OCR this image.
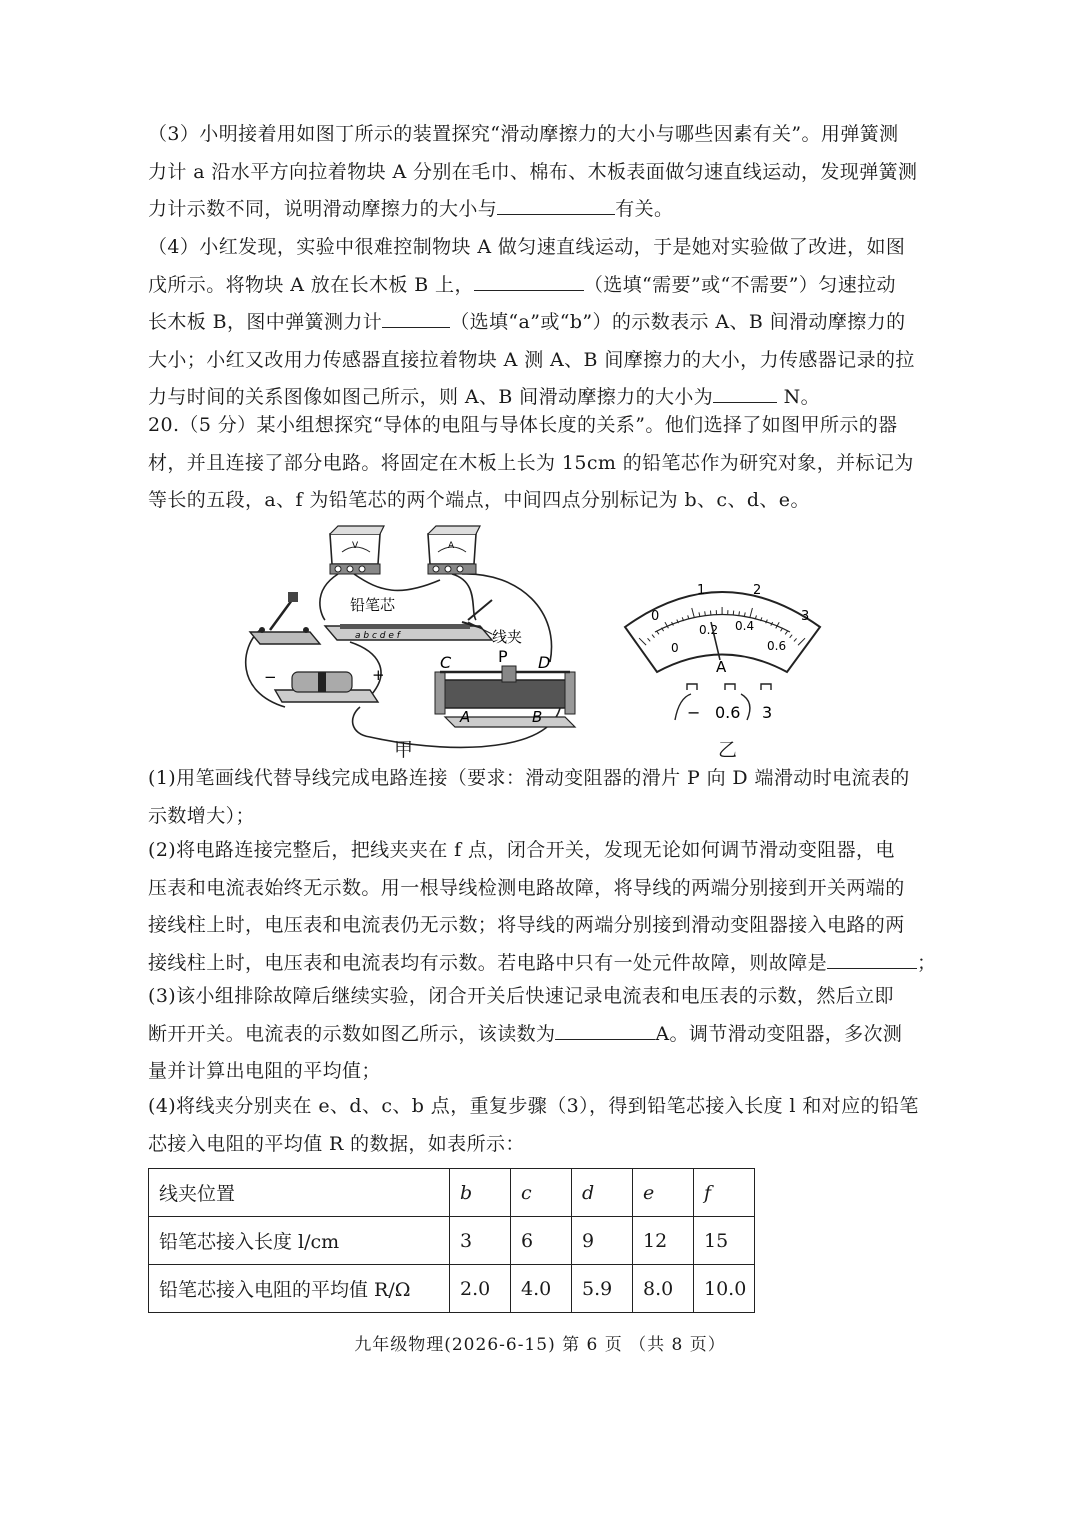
（3）小明接着用如图丁所示的装置探究“滑动摩擦力的大小与哪些因素有关”。用弹簧测
力计 a 沿水平方向拉着物块 A 分别在毛巾、棉布、木板表面做匀速直线运动，发现弹簧测
力计示数不同，说明滑动摩擦力的大小与	有关。
（4）小红发现，实验中很难控制物块 A 做匀速直线运动，于是她对实验做了改进，如图
戊所示。将物块 A 放在长木板 B 上，	（选填“需要”或“不需要”）匀速拉动
长木板 B，图中弹簧测力计	（选填“a”或“b”）的示数表示 A、B 间滑动摩擦力的
大小；小红又改用力传感器直接拉着物块 A 测 A、B 间摩擦力的大小，力传感器记录的拉
力与时间的关系图像如图己所示，则 A、B 间滑动摩擦力的大小为	N。
20.（5 分）某小组想探究“导体的电阻与导体长度的关系”。他们选择了如图甲所示的器
材，并且连接了部分电路。将固定在木板上长为 15cm 的铅笔芯作为研究对象，并标记为
等长的五段，a、f 为铅笔芯的两个端点，中间四点分别标记为 b、c、d、e。
V	A
a b c d e f
铅笔芯
线夹
−	+
C	P D
A	B
甲
0
1	2
3
0
0.2 0.4
0.6
A
− 0.6 3
乙
(1)用笔画线代替导线完成电路连接（要求：滑动变阻器的滑片 P 向 D 端滑动时电流表的
示数增大）；
(2)将电路连接完整后，把线夹夹在 f 点，闭合开关，发现无论如何调节滑动变阻器，电
压表和电流表始终无示数。用一根导线检测电路故障，将导线的两端分别接到开关两端的
接线柱上时，电压表和电流表仍无示数；将导线的两端分别接到滑动变阻器接入电路的两
接线柱上时，电压表和电流表均有示数。若电路中只有一处元件故障，则故障是	；
(3)该小组排除故障后继续实验，闭合开关后快速记录电流表和电压表的示数，然后立即
断开开关。电流表的示数如图乙所示，该读数为	A。调节滑动变阻器，多次测
量并计算出电阻的平均值；
(4)将线夹分别夹在 e、d、c、b 点，重复步骤（3），得到铅笔芯接入长度 l 和对应的铅笔
芯接入电阻的平均值 R 的数据，如表所示：
线夹位置	b	c	d	e	f
铅笔芯接入长度 l/cm	3	6	9	12	15
铅笔芯接入电阻的平均值 R/Ω	2.0	4.0	5.9	8.0	10.0
九年级物理(2026-6-15) 第 6 页 （共 8 页）
